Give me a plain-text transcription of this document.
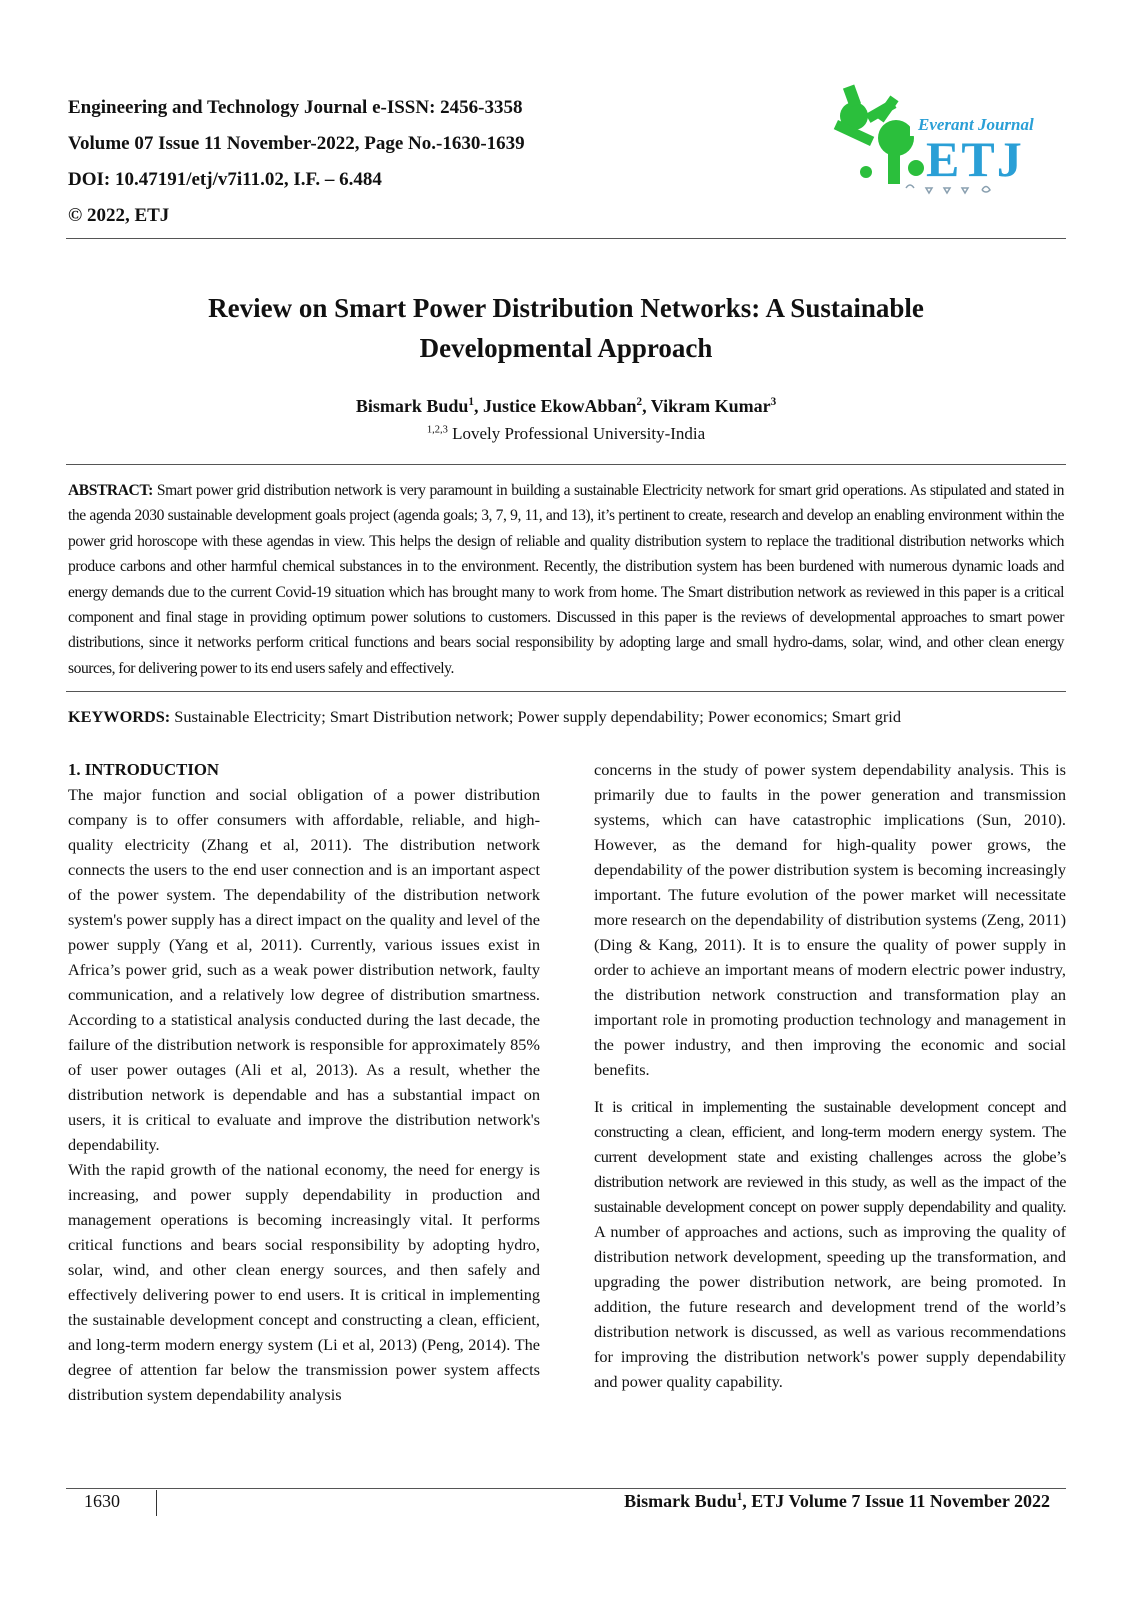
Engineering and Technology Journal e-ISSN: 2456-3358
Volume 07 Issue 11 November-2022, Page No.-1630-1639
DOI: 10.47191/etj/v7i11.02, I.F. – 6.484
© 2022, ETJ
Everant Journal
ETJ
Review on Smart Power Distribution Networks: A Sustainable
Developmental Approach
Bismark Budu$^1$, Justice EkowAbban$^2$, Vikram Kumar$^3$
$^{1,2,3}$ Lovely Professional University-India
ABSTRACT: Smart power grid distribution network is very paramount in building a sustainable Electricity network for smart grid operations. As stipulated and stated in the agenda 2030 sustainable development goals project (agenda goals; 3, 7, 9, 11, and 13), it’s pertinent to create, research and develop an enabling environment within the power grid horoscope with these agendas in view. This helps the design of reliable and quality distribution system to replace the traditional distribution networks which produce carbons and other harmful chemical substances in to the environment. Recently, the distribution system has been burdened with numerous dynamic loads and energy demands due to the current Covid-19 situation which has brought many to work from home. The Smart distribution network as reviewed in this paper is a critical component and final stage in providing optimum power solutions to customers. Discussed in this paper is the reviews of developmental approaches to smart power distributions, since it networks perform critical functions and bears social responsibility by adopting large and small hydro-dams, solar, wind, and other clean energy sources, for delivering power to its end users safely and effectively.
KEYWORDS: Sustainable Electricity; Smart Distribution network; Power supply dependability; Power economics; Smart grid

1. INTRODUCTION

The major function and social obligation of a power distribution company is to offer consumers with affordable, reliable, and high-quality electricity (Zhang et al, 2011). The distribution network connects the users to the end user connection and is an important aspect of the power system. The dependability of the distribution network system's power supply has a direct impact on the quality and level of the power supply (Yang et al, 2011). Currently, various issues exist in Africa’s power grid, such as a weak power distribution network, faulty communication, and a relatively low degree of distribution smartness. According to a statistical analysis conducted during the last decade, the failure of the distribution network is responsible for approximately 85% of user power outages (Ali et al, 2013). As a result, whether the distribution network is dependable and has a substantial impact on users, it is critical to evaluate and improve the distribution network's dependability.

With the rapid growth of the national economy, the need for energy is increasing, and power supply dependability in production and management operations is becoming increasingly vital. It performs critical functions and bears social responsibility by adopting hydro, solar, wind, and other clean energy sources, and then safely and effectively delivering power to end users. It is critical in implementing the sustainable development concept and constructing a clean, efficient, and long-term modern energy system (Li et al, 2013) (Peng, 2014). The degree of attention far below the transmission power system affects distribution system dependability analysis

concerns in the study of power system dependability analysis. This is primarily due to faults in the power generation and transmission systems, which can have catastrophic implications (Sun, 2010). However, as the demand for high-quality power grows, the dependability of the power distribution system is becoming increasingly important. The future evolution of the power market will necessitate more research on the dependability of distribution systems (Zeng, 2011) (Ding & Kang, 2011). It is to ensure the quality of power supply in order to achieve an important means of modern electric power industry, the distribution network construction and transformation play an important role in promoting production technology and management in the power industry, and then improving the economic and social benefits.

It is critical in implementing the sustainable development concept and constructing a clean, efficient, and long-term modern energy system. The current development state and existing challenges across the globe’s distribution network are reviewed in this study, as well as the impact of the sustainable development concept on power supply dependability and quality. A number of approaches and actions, such as improving the quality of distribution network development, speeding up the transformation, and upgrading the power distribution network, are being promoted. In addition, the future research and development trend of the world’s distribution network is discussed, as well as various recommendations for improving the distribution network's power supply dependability and power quality capability.

1630	Bismark Budu$^1$, ETJ Volume 7 Issue 11 November 2022
